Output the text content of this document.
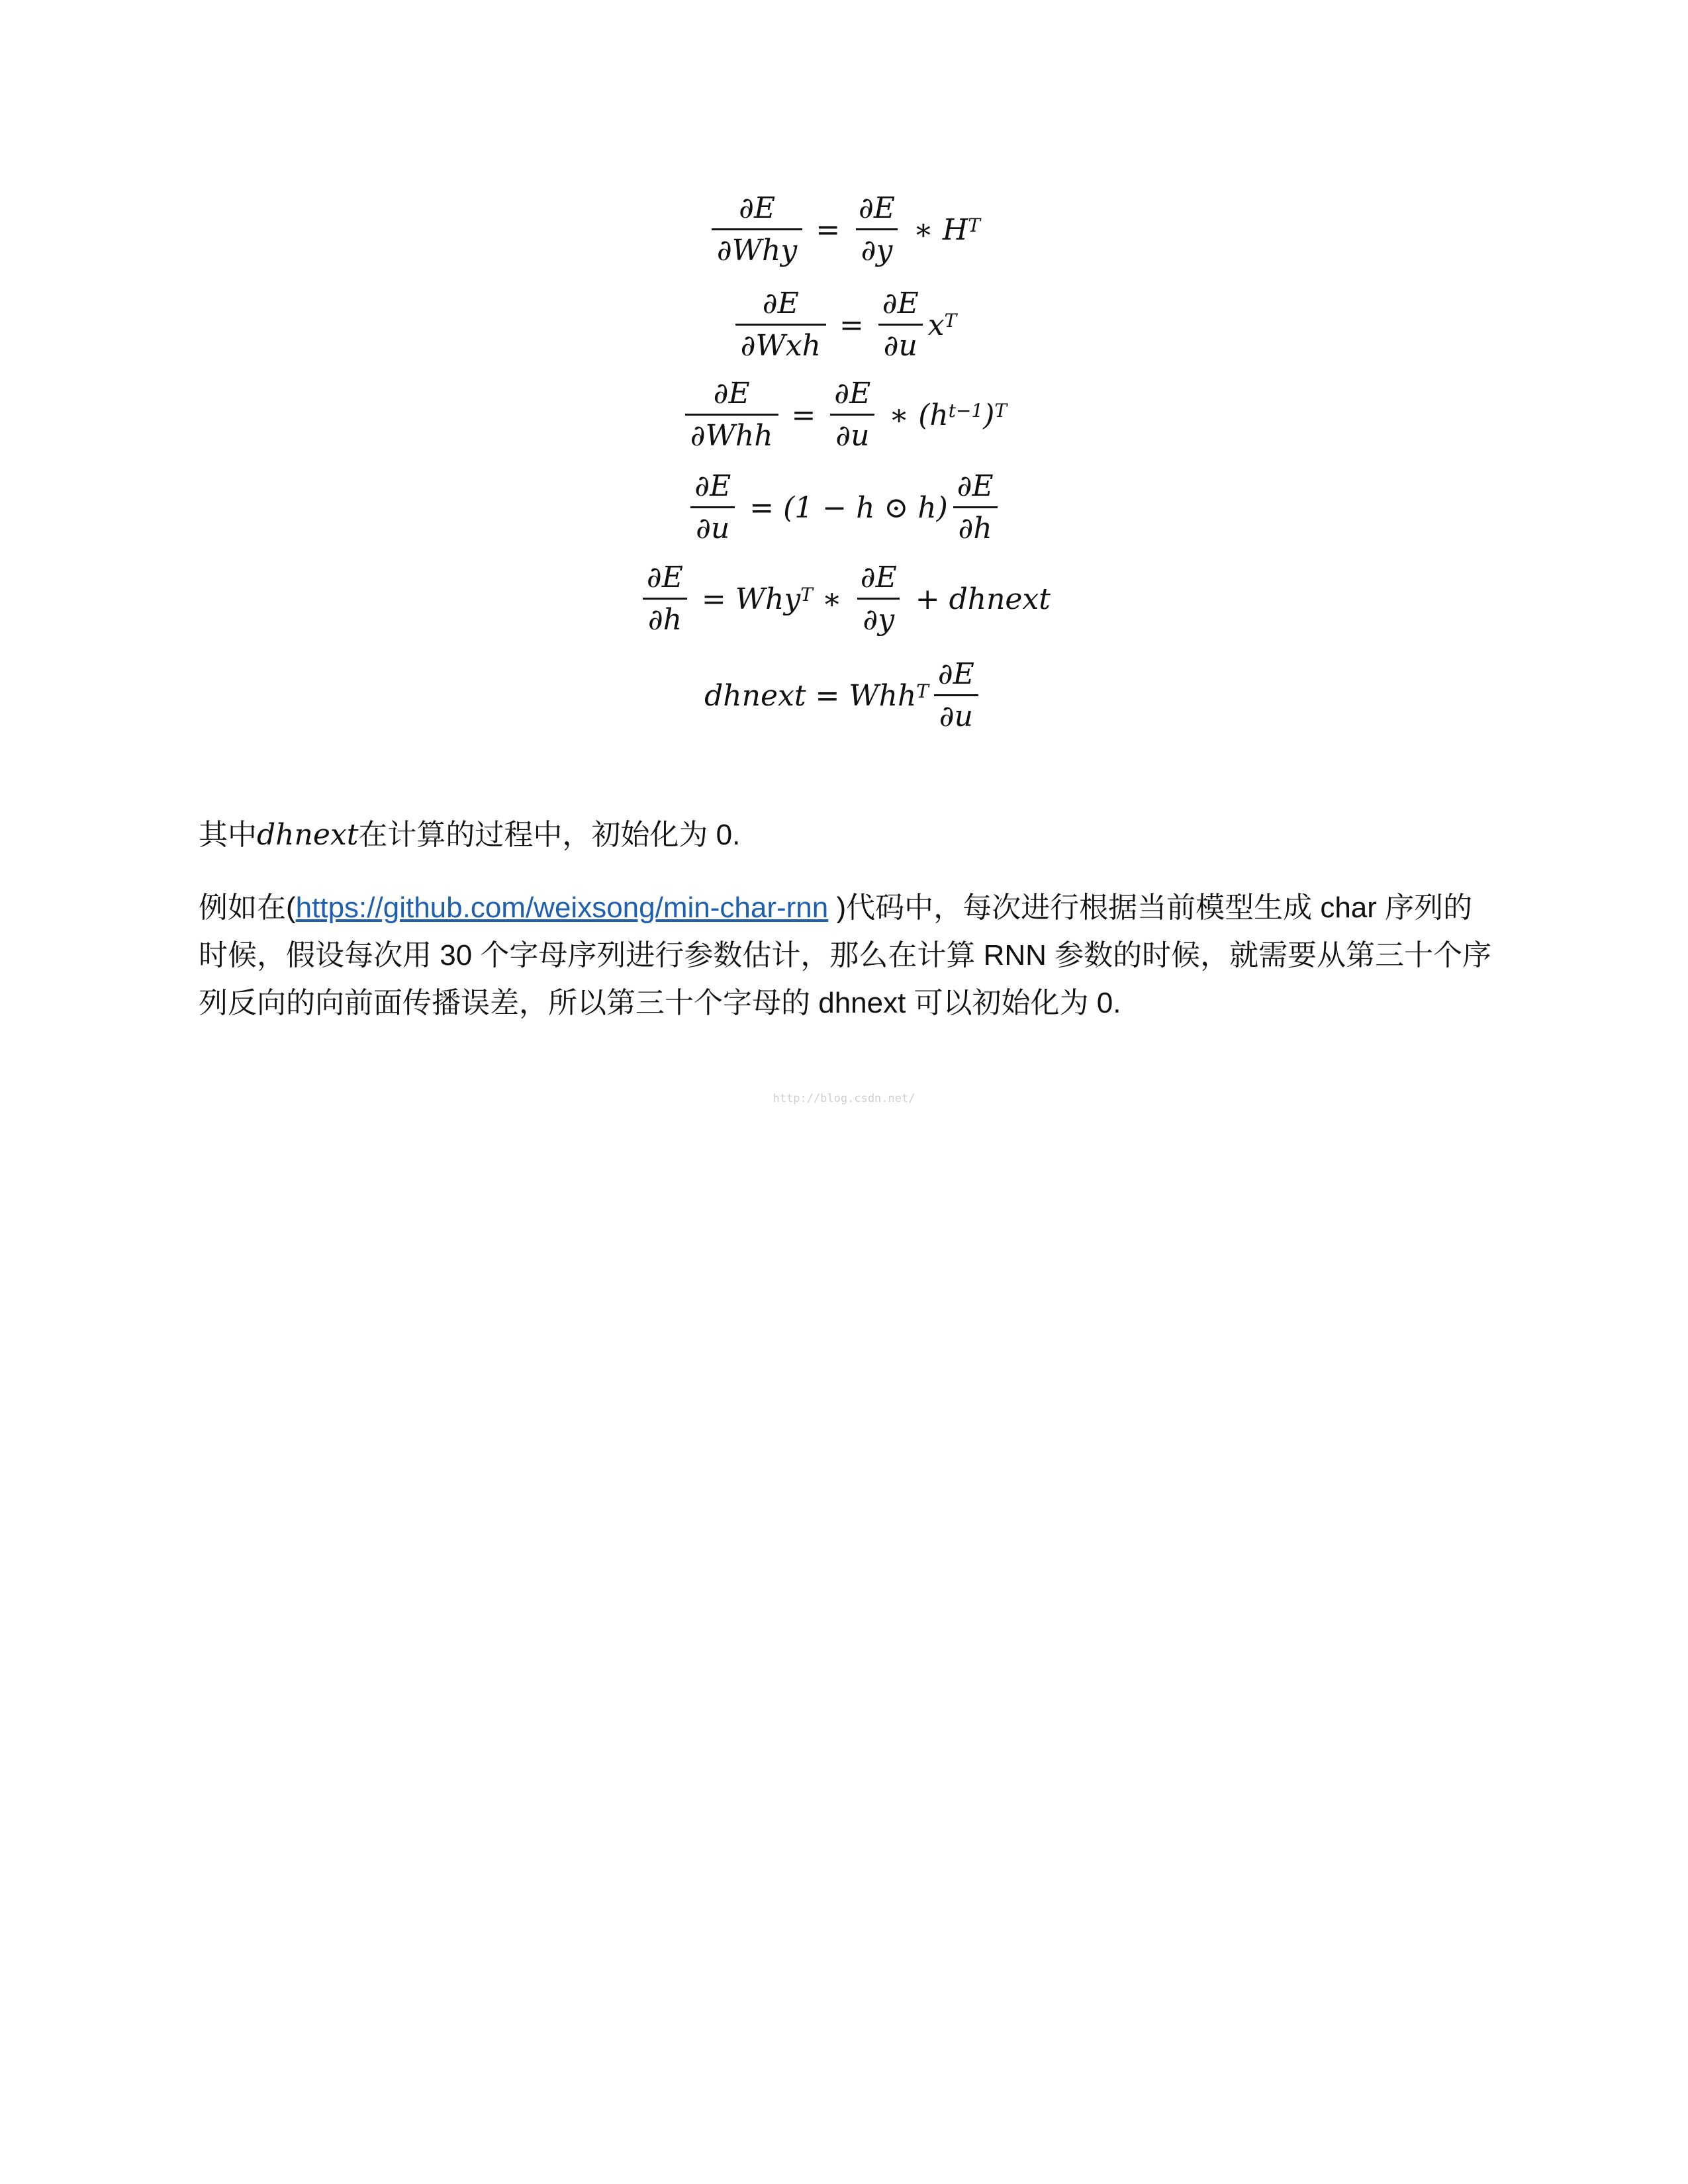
$\frac{\partial E}{\text{∂Why}} = \frac{\partial E}{\partial y}$ ∗ $H^T$
$\frac{\partial E}{\text{∂Wxh}} = \frac{\partial E}{\partial u} x^T$
$\frac{\partial E}{\text{∂Whh}} = \frac{\partial E}{\partial u}$ ∗ ($h^{t-1}$ )$^T$
$\frac{\partial E}{\partial u} = (1 - h$ ⊙ $h) \frac{\partial E}{\partial h}$
$\frac{\partial E}{\partial h} = Why^T$ ∗ $\frac{\partial E}{\partial y}$ + dhnext
dhnext = $Whh^T \frac{\partial E}{\partial u}$

其中dhnext在计算的过程中，初始化为 0.

例如在(https://github.com/weixsong/min-char-rnn )代码中，每次进行根据当前模型生成 char 序列的时候，假设每次用 30 个字母序列进行参数估计，那么在计算 RNN 参数的时候，就需要从第三十个序列反向的向前面传播误差，所以第三十个字母的 dhnext 可以初始化为 0.

http://blog.csdn.net/
